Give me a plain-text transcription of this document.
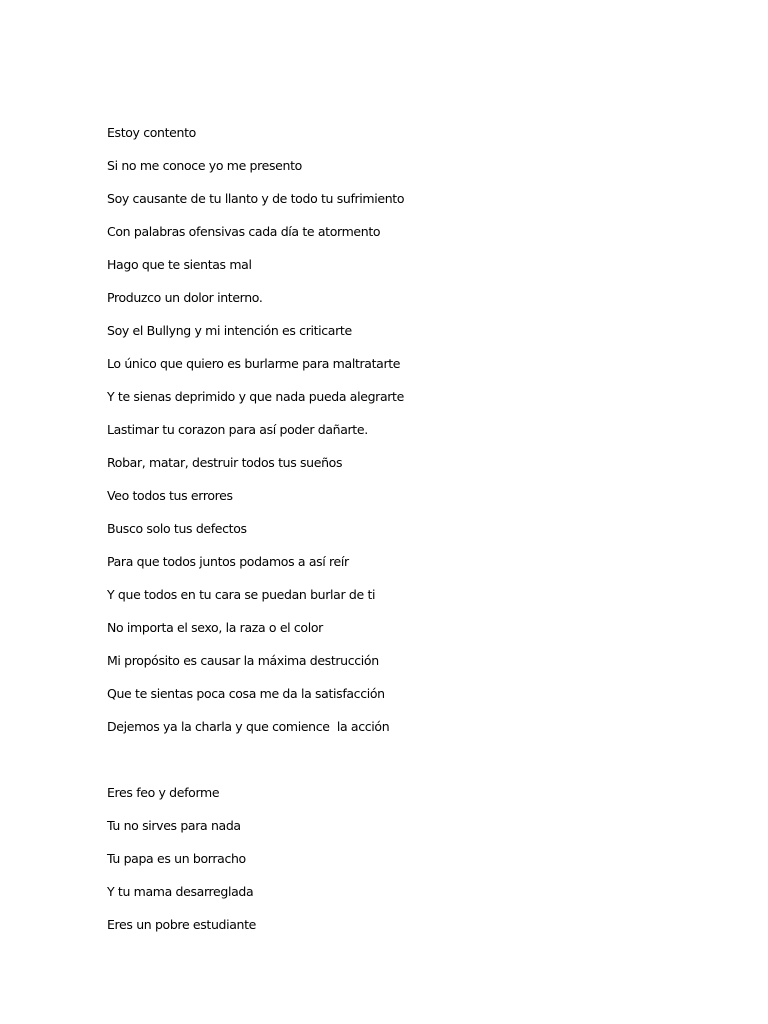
Estoy contento
Si no me conoce yo me presento
Soy causante de tu llanto y de todo tu sufrimiento
Con palabras ofensivas cada día te atormento
Hago que te sientas mal
Produzco un dolor interno.
Soy el Bullyng y mi intención es criticarte
Lo único que quiero es burlarme para maltratarte
Y te sienas deprimido y que nada pueda alegrarte
Lastimar tu corazon para así poder dañarte.
Robar, matar, destruir todos tus sueños
Veo todos tus errores
Busco solo tus defectos
Para que todos juntos podamos a así reír
Y que todos en tu cara se puedan burlar de ti
No importa el sexo, la raza o el color
Mi propósito es causar la máxima destrucción
Que te sientas poca cosa me da la satisfacción
Dejemos ya la charla y que comience  la acción
Eres feo y deforme
Tu no sirves para nada
Tu papa es un borracho
Y tu mama desarreglada
Eres un pobre estudiante
